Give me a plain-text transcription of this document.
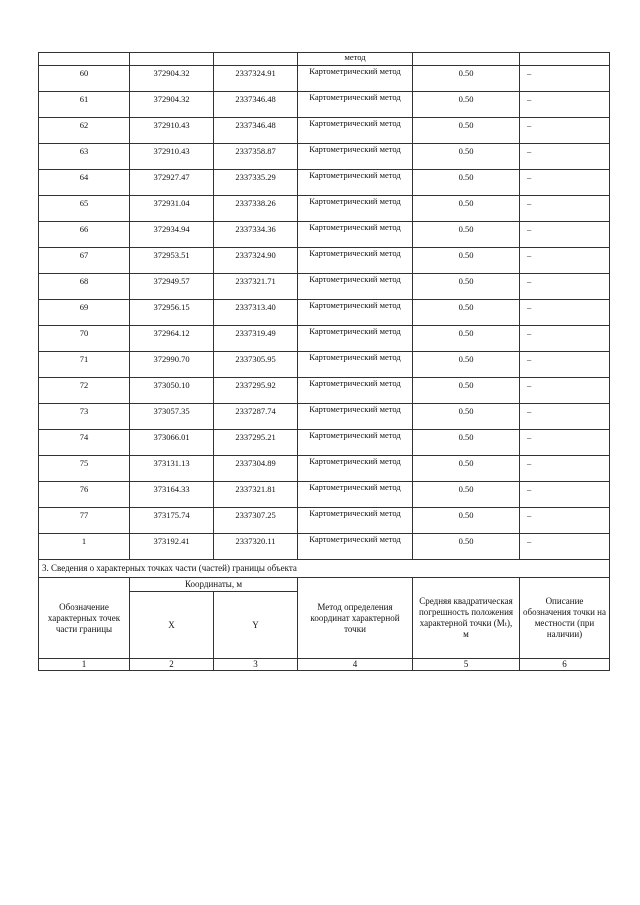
			метод		
60	372904.32	2337324.91	Картометрический метод	0.50	–
61	372904.32	2337346.48	Картометрический метод	0.50	–
62	372910.43	2337346.48	Картометрический метод	0.50	–
63	372910.43	2337358.87	Картометрический метод	0.50	–
64	372927.47	2337335.29	Картометрический метод	0.50	–
65	372931.04	2337338.26	Картометрический метод	0.50	–
66	372934.94	2337334.36	Картометрический метод	0.50	–
67	372953.51	2337324.90	Картометрический метод	0.50	–
68	372949.57	2337321.71	Картометрический метод	0.50	–
69	372956.15	2337313.40	Картометрический метод	0.50	–
70	372964.12	2337319.49	Картометрический метод	0.50	–
71	372990.70	2337305.95	Картометрический метод	0.50	–
72	373050.10	2337295.92	Картометрический метод	0.50	–
73	373057.35	2337287.74	Картометрический метод	0.50	–
74	373066.01	2337295.21	Картометрический метод	0.50	–
75	373131.13	2337304.89	Картометрический метод	0.50	–
76	373164.33	2337321.81	Картометрический метод	0.50	–
77	373175.74	2337307.25	Картометрический метод	0.50	–
1	373192.41	2337320.11	Картометрический метод	0.50	–
3. Сведения о характерных точках части (частей) границы объекта					
Обозначение характерных точек части границы	Координаты, м		Метод определения координат характерной точки	Средняя квадратическая погрешность положения характерной точки (Mₜ), м	Описание обозначения точки на местности (при наличии)
	X	Y			
1	2	3	4	5	6
